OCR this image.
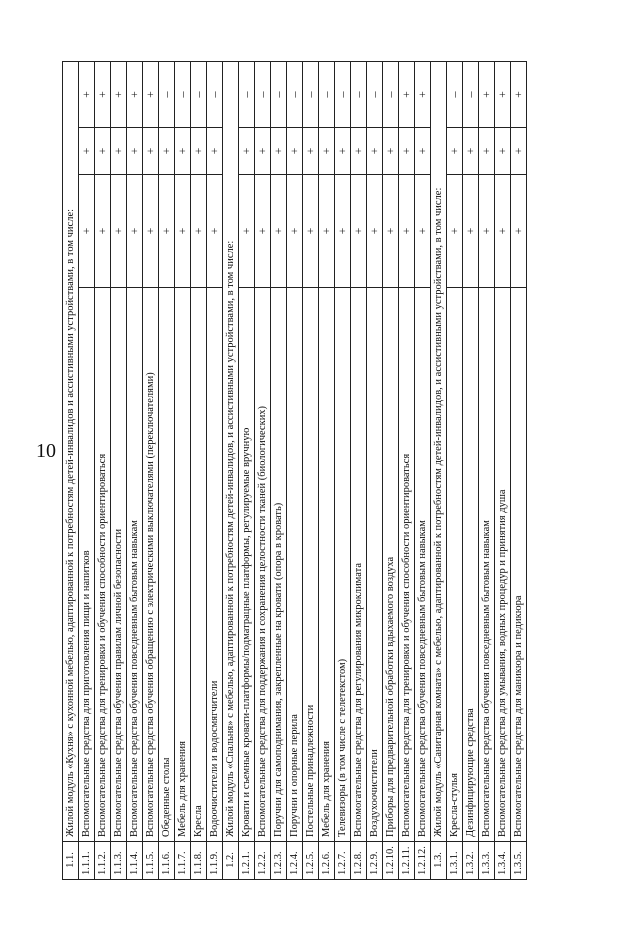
10
1.1.	Жилой модуль «Кухня» с кухонной мебелью, адаптированной к потребностям детей-инвалидов и ассистивными устройствами, в том числе:			
1.1.1.	Вспомогательные средства для приготовления пищи и напитков	+	+	+
1.1.2.	Вспомогательные средства для тренировки и обучения способности ориентироваться	+	+	+
1.1.3.	Вспомогательные средства обучения правилам личной безопасности	+	+	+
1.1.4.	Вспомогательные средства обучения повседневным бытовым навыкам	+	+	+
1.1.5.	Вспомогательные средства обучения обращению с электрическими выключателями (переключателями)	+	+	+
1.1.6.	Обеденные столы	+	+	–
1.1.7.	Мебель для хранения	+	+	–
1.1.8.	Кресла	+	+	–
1.1.9.	Водоочистители и водосмягчители	+	+	–
1.2.	Жилой модуль «Спальня» с мебелью, адаптированной к потребностям детей-инвалидов, и ассистивными устройствами, в том числе:			
1.2.1.	Кровати и съемные кровати-платформы/подматрацные платформы, регулируемые вручную	+	+	–
1.2.2.	Вспомогательные средства для поддержания и сохранения целостности тканей (биологических)	+	+	–
1.2.3.	Поручни для самоподнимания, закрепленные на кровати (опора в кровать)	+	+	–
1.2.4.	Поручни и опорные перила	+	+	–
1.2.5.	Постельные принадлежности	+	+	–
1.2.6.	Мебель для хранения	+	+	–
1.2.7.	Телевизоры (в том числе с телетекстом)	+	+	–
1.2.8.	Вспомогательные средства для регулирования микроклимата	+	+	–
1.2.9.	Воздухоочистители	+	+	–
1.2.10.	Приборы для предварительной обработки вдыхаемого воздуха	+	+	–
1.2.11.	Вспомогательные средства для тренировки и обучения способности ориентироваться	+	+	+
1.2.12.	Вспомогательные средства обучения повседневным бытовым навыкам	+	+	+
1.3.	Жилой модуль «Санитарная комната» с мебелью, адаптированной к потребностям детей-инвалидов, и ассистивными устройствами, в том числе:			
1.3.1.	Кресла-стулья	+	+	–
1.3.2.	Дезинфицирующие средства	+	+	–
1.3.3.	Вспомогательные средства обучения повседневным бытовым навыкам	+	+	+
1.3.4.	Вспомогательные средства для умывания, водных процедур и принятия душа	+	+	+
1.3.5.	Вспомогательные средства для маникюра и педикюра	+	+	+
